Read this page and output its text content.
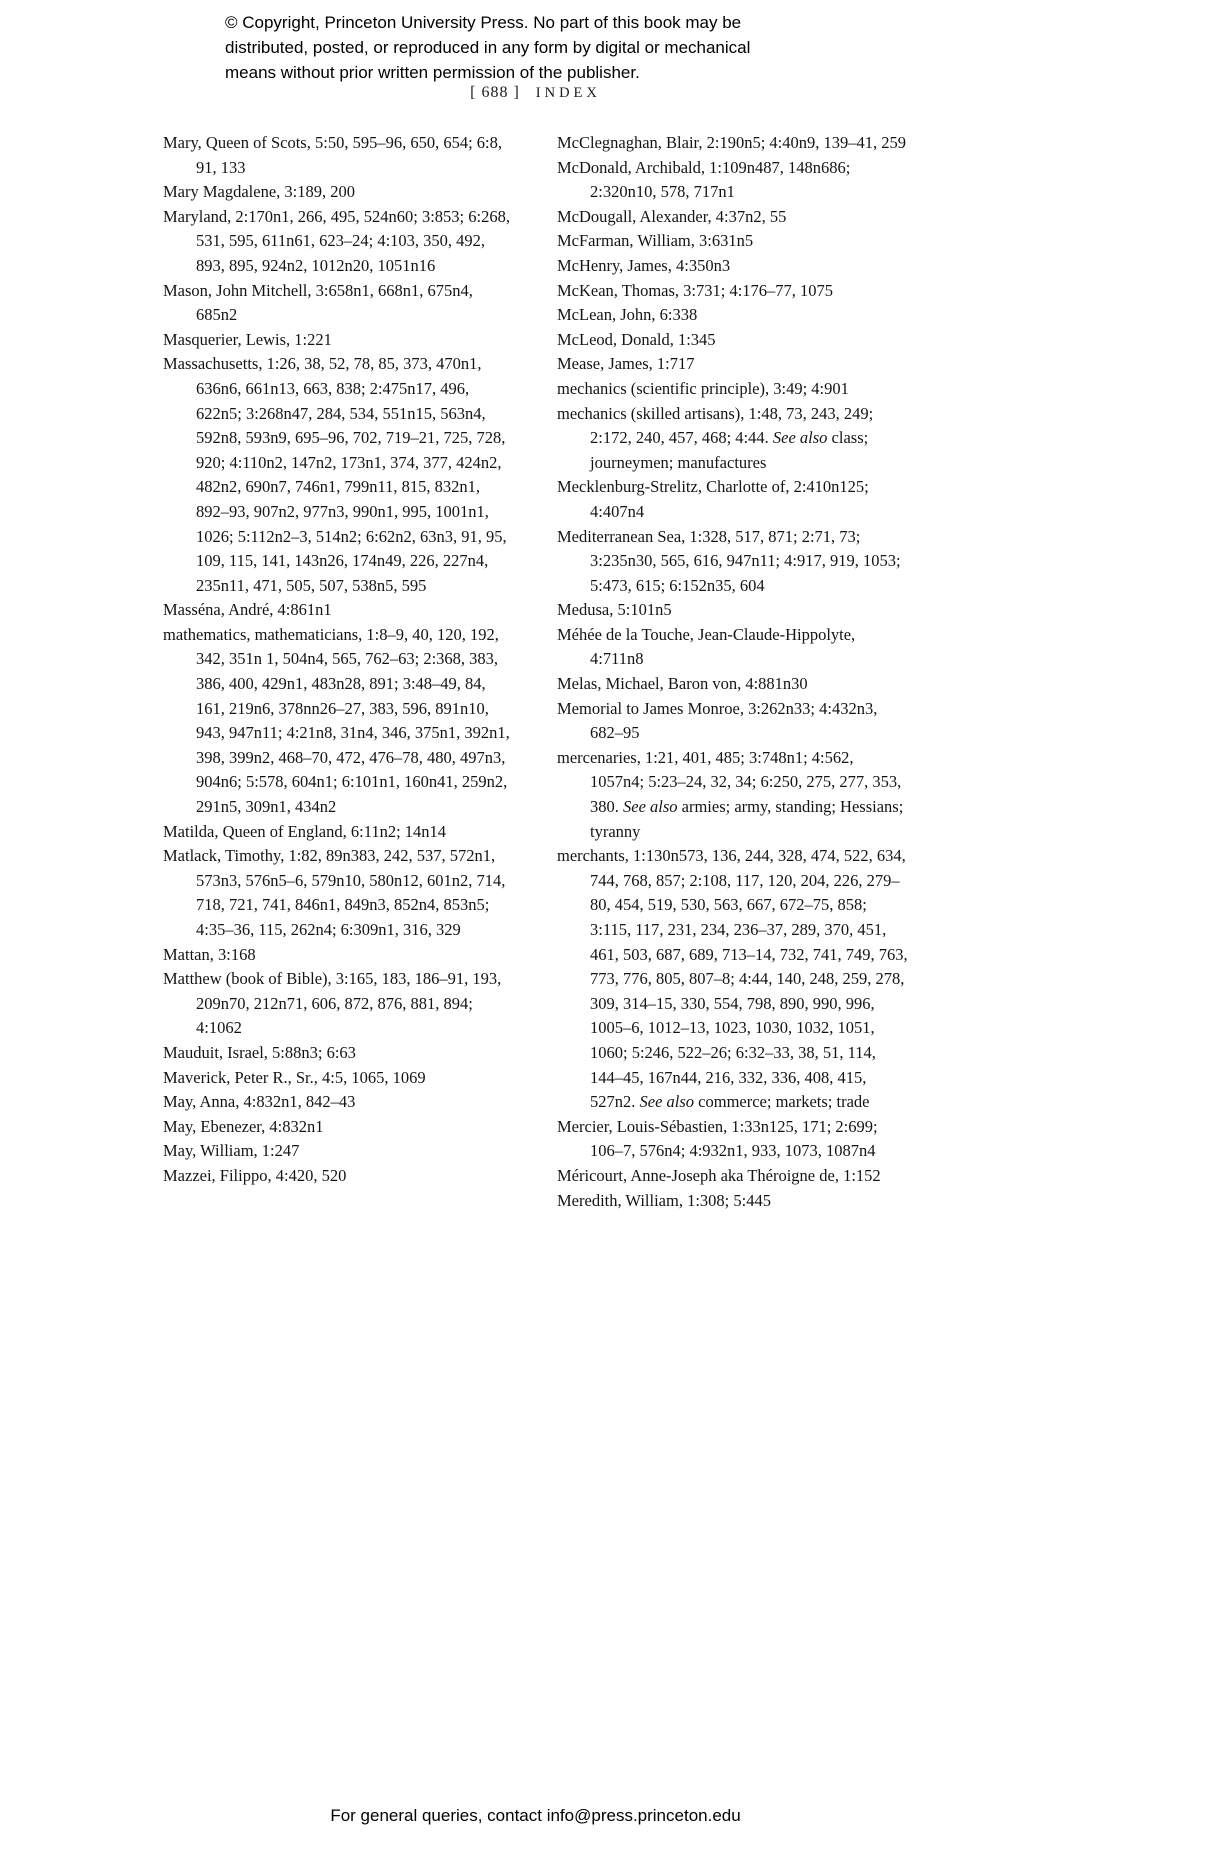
© Copyright, Princeton University Press. No part of this book may be
distributed, posted, or reproduced in any form by digital or mechanical
means without prior written permission of the publisher.
[ 688 ] INDEX
Mary, Queen of Scots, 5:50, 595–96, 650, 654; 6:8, 91, 133
Mary Magdalene, 3:189, 200
Maryland, 2:170n1, 266, 495, 524n60; 3:853; 6:268, 531, 595, 611n61, 623–24; 4:103, 350, 492, 893, 895, 924n2, 1012n20, 1051n16
Mason, John Mitchell, 3:658n1, 668n1, 675n4, 685n2
Masquerier, Lewis, 1:221
Massachusetts, 1:26, 38, 52, 78, 85, 373, 470n1, 636n6, 661n13, 663, 838; 2:475n17, 496, 622n5; 3:268n47, 284, 534, 551n15, 563n4, 592n8, 593n9, 695–96, 702, 719–21, 725, 728, 920; 4:110n2, 147n2, 173n1, 374, 377, 424n2, 482n2, 690n7, 746n1, 799n11, 815, 832n1, 892–93, 907n2, 977n3, 990n1, 995, 1001n1, 1026; 5:112n2–3, 514n2; 6:62n2, 63n3, 91, 95, 109, 115, 141, 143n26, 174n49, 226, 227n4, 235n11, 471, 505, 507, 538n5, 595
Masséna, André, 4:861n1
mathematics, mathematicians, 1:8–9, 40, 120, 192, 342, 351n 1, 504n4, 565, 762–63; 2:368, 383, 386, 400, 429n1, 483n28, 891; 3:48–49, 84, 161, 219n6, 378nn26–27, 383, 596, 891n10, 943, 947n11; 4:21n8, 31n4, 346, 375n1, 392n1, 398, 399n2, 468–70, 472, 476–78, 480, 497n3, 904n6; 5:578, 604n1; 6:101n1, 160n41, 259n2, 291n5, 309n1, 434n2
Matilda, Queen of England, 6:11n2; 14n14
Matlack, Timothy, 1:82, 89n383, 242, 537, 572n1, 573n3, 576n5–6, 579n10, 580n12, 601n2, 714, 718, 721, 741, 846n1, 849n3, 852n4, 853n5; 4:35–36, 115, 262n4; 6:309n1, 316, 329
Mattan, 3:168
Matthew (book of Bible), 3:165, 183, 186–91, 193, 209n70, 212n71, 606, 872, 876, 881, 894; 4:1062
Mauduit, Israel, 5:88n3; 6:63
Maverick, Peter R., Sr., 4:5, 1065, 1069
May, Anna, 4:832n1, 842–43
May, Ebenezer, 4:832n1
May, William, 1:247
Mazzei, Filippo, 4:420, 520
McClegnaghan, Blair, 2:190n5; 4:40n9, 139–41, 259
McDonald, Archibald, 1:109n487, 148n686; 2:320n10, 578, 717n1
McDougall, Alexander, 4:37n2, 55
McFarman, William, 3:631n5
McHenry, James, 4:350n3
McKean, Thomas, 3:731; 4:176–77, 1075
McLean, John, 6:338
McLeod, Donald, 1:345
Mease, James, 1:717
mechanics (scientific principle), 3:49; 4:901
mechanics (skilled artisans), 1:48, 73, 243, 249; 2:172, 240, 457, 468; 4:44. See also class; journeymen; manufactures
Mecklenburg-Strelitz, Charlotte of, 2:410n125; 4:407n4
Mediterranean Sea, 1:328, 517, 871; 2:71, 73; 3:235n30, 565, 616, 947n11; 4:917, 919, 1053; 5:473, 615; 6:152n35, 604
Medusa, 5:101n5
Méhée de la Touche, Jean-Claude-Hippolyte, 4:711n8
Melas, Michael, Baron von, 4:881n30
Memorial to James Monroe, 3:262n33; 4:432n3, 682–95
mercenaries, 1:21, 401, 485; 3:748n1; 4:562, 1057n4; 5:23–24, 32, 34; 6:250, 275, 277, 353, 380. See also armies; army, standing; Hessians; tyranny
merchants, 1:130n573, 136, 244, 328, 474, 522, 634, 744, 768, 857; 2:108, 117, 120, 204, 226, 279–80, 454, 519, 530, 563, 667, 672–75, 858; 3:115, 117, 231, 234, 236–37, 289, 370, 451, 461, 503, 687, 689, 713–14, 732, 741, 749, 763, 773, 776, 805, 807–8; 4:44, 140, 248, 259, 278, 309, 314–15, 330, 554, 798, 890, 990, 996, 1005–6, 1012–13, 1023, 1030, 1032, 1051, 1060; 5:246, 522–26; 6:32–33, 38, 51, 114, 144–45, 167n44, 216, 332, 336, 408, 415, 527n2. See also commerce; markets; trade
Mercier, Louis-Sébastien, 1:33n125, 171; 2:699; 106–7, 576n4; 4:932n1, 933, 1073, 1087n4
Méricourt, Anne-Joseph aka Théroigne de, 1:152
Meredith, William, 1:308; 5:445
For general queries, contact info@press.princeton.edu
